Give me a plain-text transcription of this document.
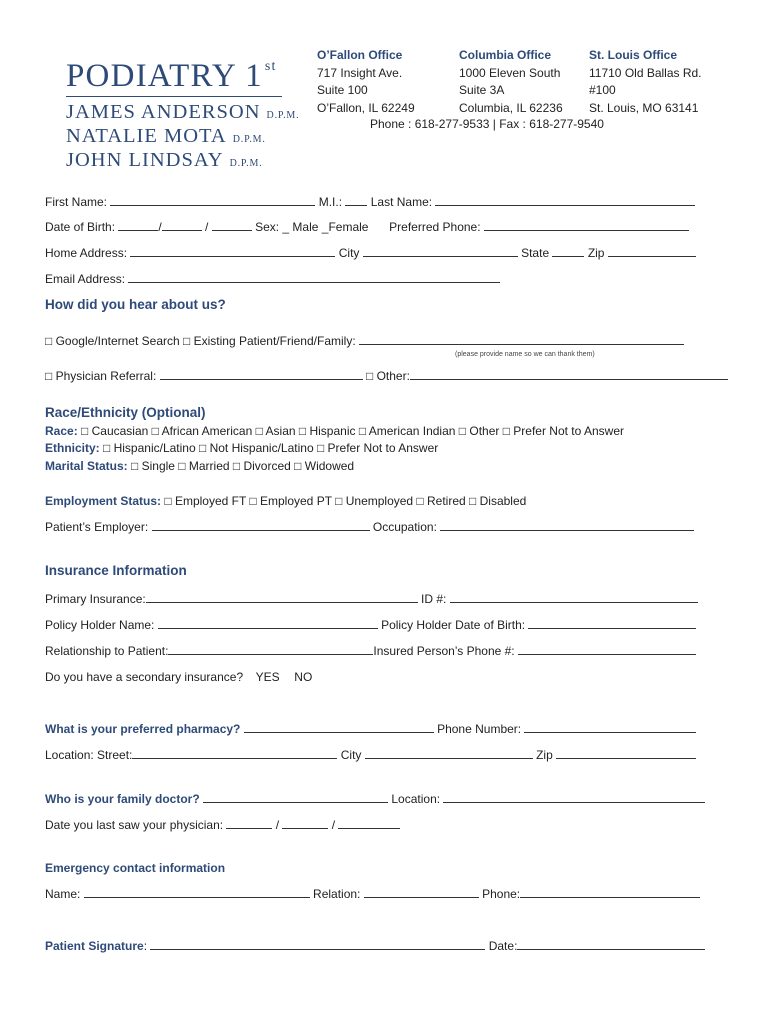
PODIATRY 1 $^{st}$
JAMES ANDERSON D.P.M.
NATALIE MOTA D.P.M.
JOHN LINDSAY D.P.M.
O’Fallon Office
717 Insight Ave.
Suite 100
O’Fallon, IL 62249
Columbia Office
1000 Eleven South
Suite 3A
Columbia, IL 62236
St. Louis Office
11710 Old Ballas Rd.
#100
St. Louis, MO 63141
Phone : 618-277-9533 | Fax : 618-277-9540
First Name:	M.I.: Last Name:
Date of Birth:	/	/	Sex: _ Male _Female Preferred Phone:
Home Address:	City	State	Zip
Email Address:
How did you hear about us?
□ Google/Internet Search □ Existing Patient/Friend/Family:
(please provide name so we can thank them)
□ Physician Referral:	□ Other:
Race/Ethnicity (Optional)
Race: □ Caucasian □ African American □ Asian □ Hispanic □ American Indian □ Other □ Prefer Not to Answer
Ethnicity: □ Hispanic/Latino □ Not Hispanic/Latino □ Prefer Not to Answer
Marital Status: □ Single □ Married □ Divorced □ Widowed
Employment Status: □ Employed FT □ Employed PT □ Unemployed □ Retired □ Disabled
Patient’s Employer:	Occupation:
Insurance Information
Primary Insurance:	ID #:
Policy Holder Name:	Policy Holder Date of Birth:
Relationship to Patient:	Insured Person’s Phone #:
Do you have a secondary insurance? YES NO
What is your preferred pharmacy?	Phone Number:
Location: Street:	City	Zip
Who is your family doctor?	Location:
Date you last saw your physician:	/	/
Emergency contact information
Name:	Relation:	Phone:
Patient Signature:	Date:
